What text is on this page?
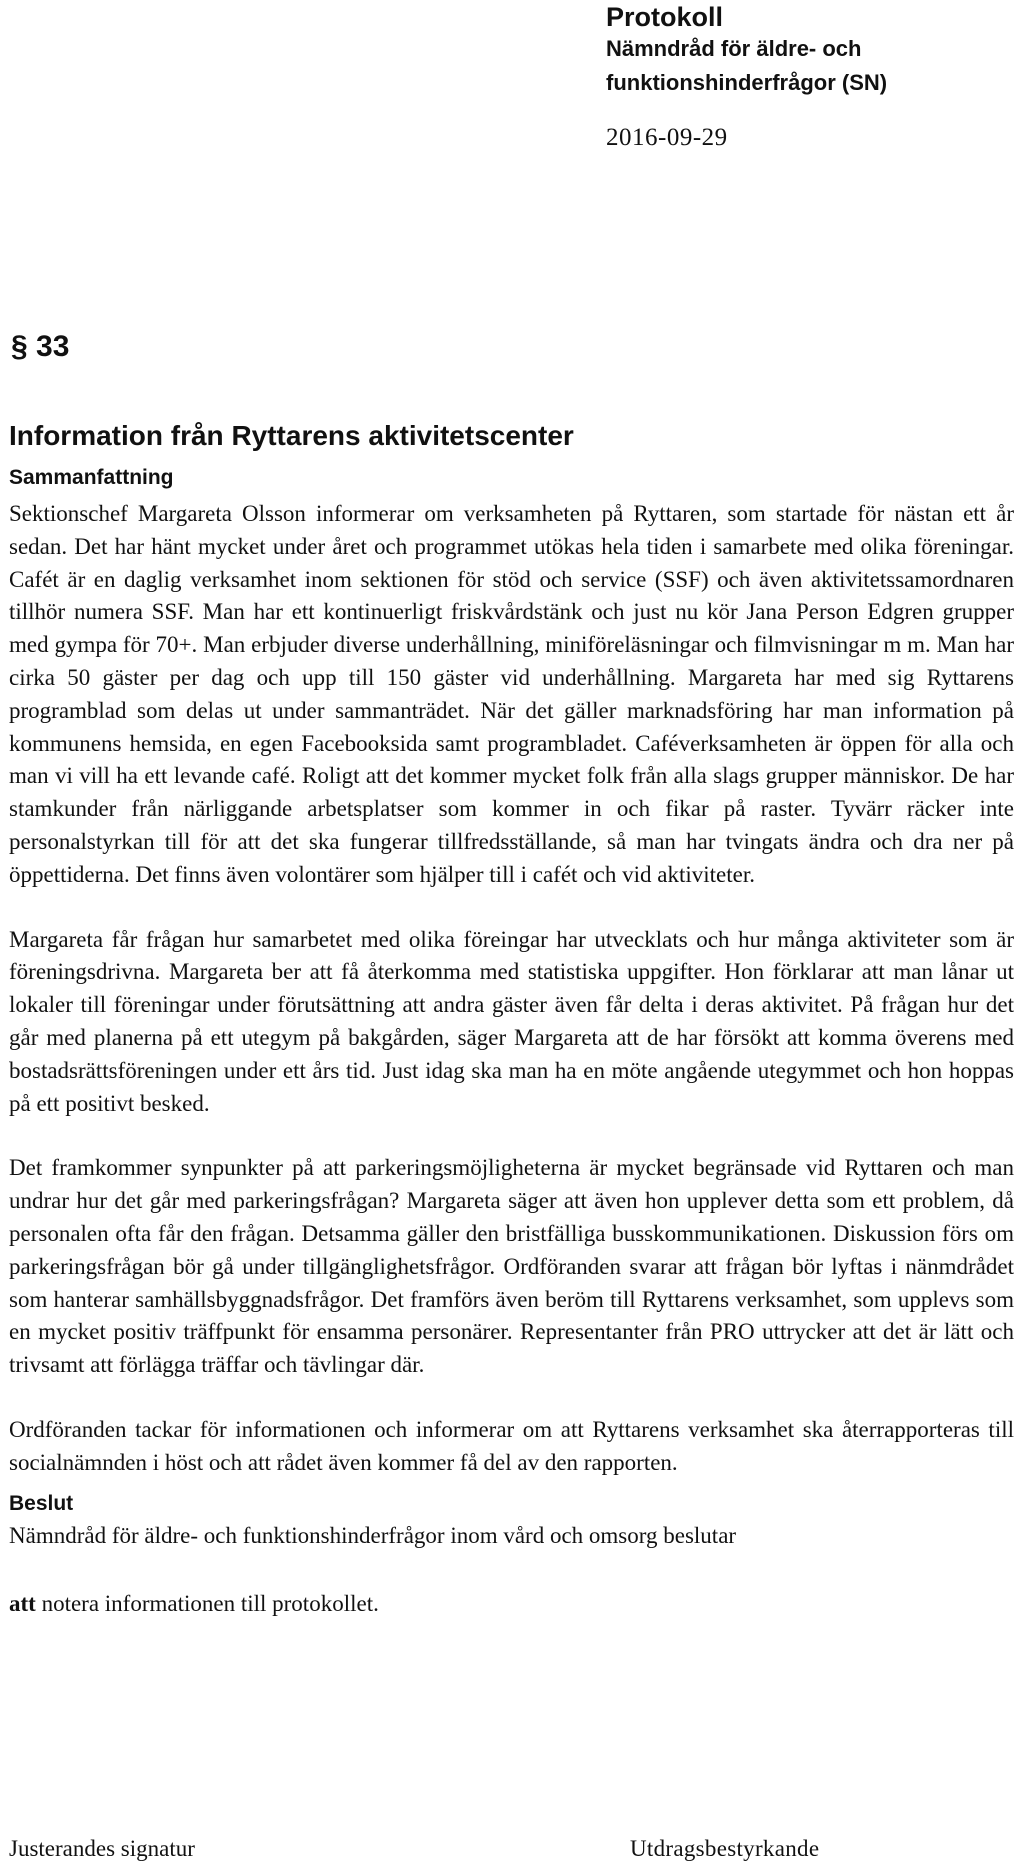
Protokoll
Nämndråd för äldre- och
funktionshinderfrågor (SN)
2016-09-29
§ 33
Information från Ryttarens aktivitetscenter
Sammanfattning

Sektionschef Margareta Olsson informerar om verksamheten på Ryttaren, som startade för nästan ett år sedan. Det har hänt mycket under året och programmet utökas hela tiden i samarbete med olika föreningar. Cafét är en daglig verksamhet inom sektionen för stöd och service (SSF) och även aktivitetssamordnaren tillhör numera SSF. Man har ett kontinuerligt friskvårdstänk och just nu kör Jana Person Edgren grupper med gympa för 70+. Man erbjuder diverse underhållning, miniföreläsningar och filmvisningar m m. Man har cirka 50 gäster per dag och upp till 150 gäster vid underhållning. Margareta har med sig Ryttarens programblad som delas ut under sammanträdet. När det gäller marknadsföring har man information på kommunens hemsida, en egen Facebooksida samt programbladet. Caféverksamheten är öppen för alla och man vi vill ha ett levande café. Roligt att det kommer mycket folk från alla slags grupper människor. De har stamkunder från närliggande arbetsplatser som kommer in och fikar på raster. Tyvärr räcker inte personalstyrkan till för att det ska fungerar tillfredsställande, så man har tvingats ändra och dra ner på öppettiderna. Det finns även volontärer som hjälper till i cafét och vid aktiviteter.

Margareta får frågan hur samarbetet med olika föreingar har utvecklats och hur många aktiviteter som är föreningsdrivna. Margareta ber att få återkomma med statistiska uppgifter. Hon förklarar att man lånar ut lokaler till föreningar under förutsättning att andra gäster även får delta i deras aktivitet. På frågan hur det går med planerna på ett utegym på bakgården, säger Margareta att de har försökt att komma överens med bostadsrättsföreningen under ett års tid. Just idag ska man ha en möte angående utegymmet och hon hoppas på ett positivt besked.

Det framkommer synpunkter på att parkeringsmöjligheterna är mycket begränsade vid Ryttaren och man undrar hur det går med parkeringsfrågan? Margareta säger att även hon upplever detta som ett problem, då personalen ofta får den frågan. Detsamma gäller den bristfälliga busskommunikationen. Diskussion förs om parkeringsfrågan bör gå under tillgänglighetsfrågor. Ordföranden svarar att frågan bör lyftas i nänmdrådet som hanterar samhällsbyggnadsfrågor. Det framförs även beröm till Ryttarens verksamhet, som upplevs som en mycket positiv träffpunkt för ensamma personärer. Representanter från PRO uttrycker att det är lätt och trivsamt att förlägga träffar och tävlingar där.

Ordföranden tackar för informationen och informerar om att Ryttarens verksamhet ska återrapporteras till socialnämnden i höst och att rådet även kommer få del av den rapporten.

Beslut
Nämndråd för äldre- och funktionshinderfrågor inom vård och omsorg beslutar
att notera informationen till protokollet.
Justerandes signatur	Utdragsbestyrkande
